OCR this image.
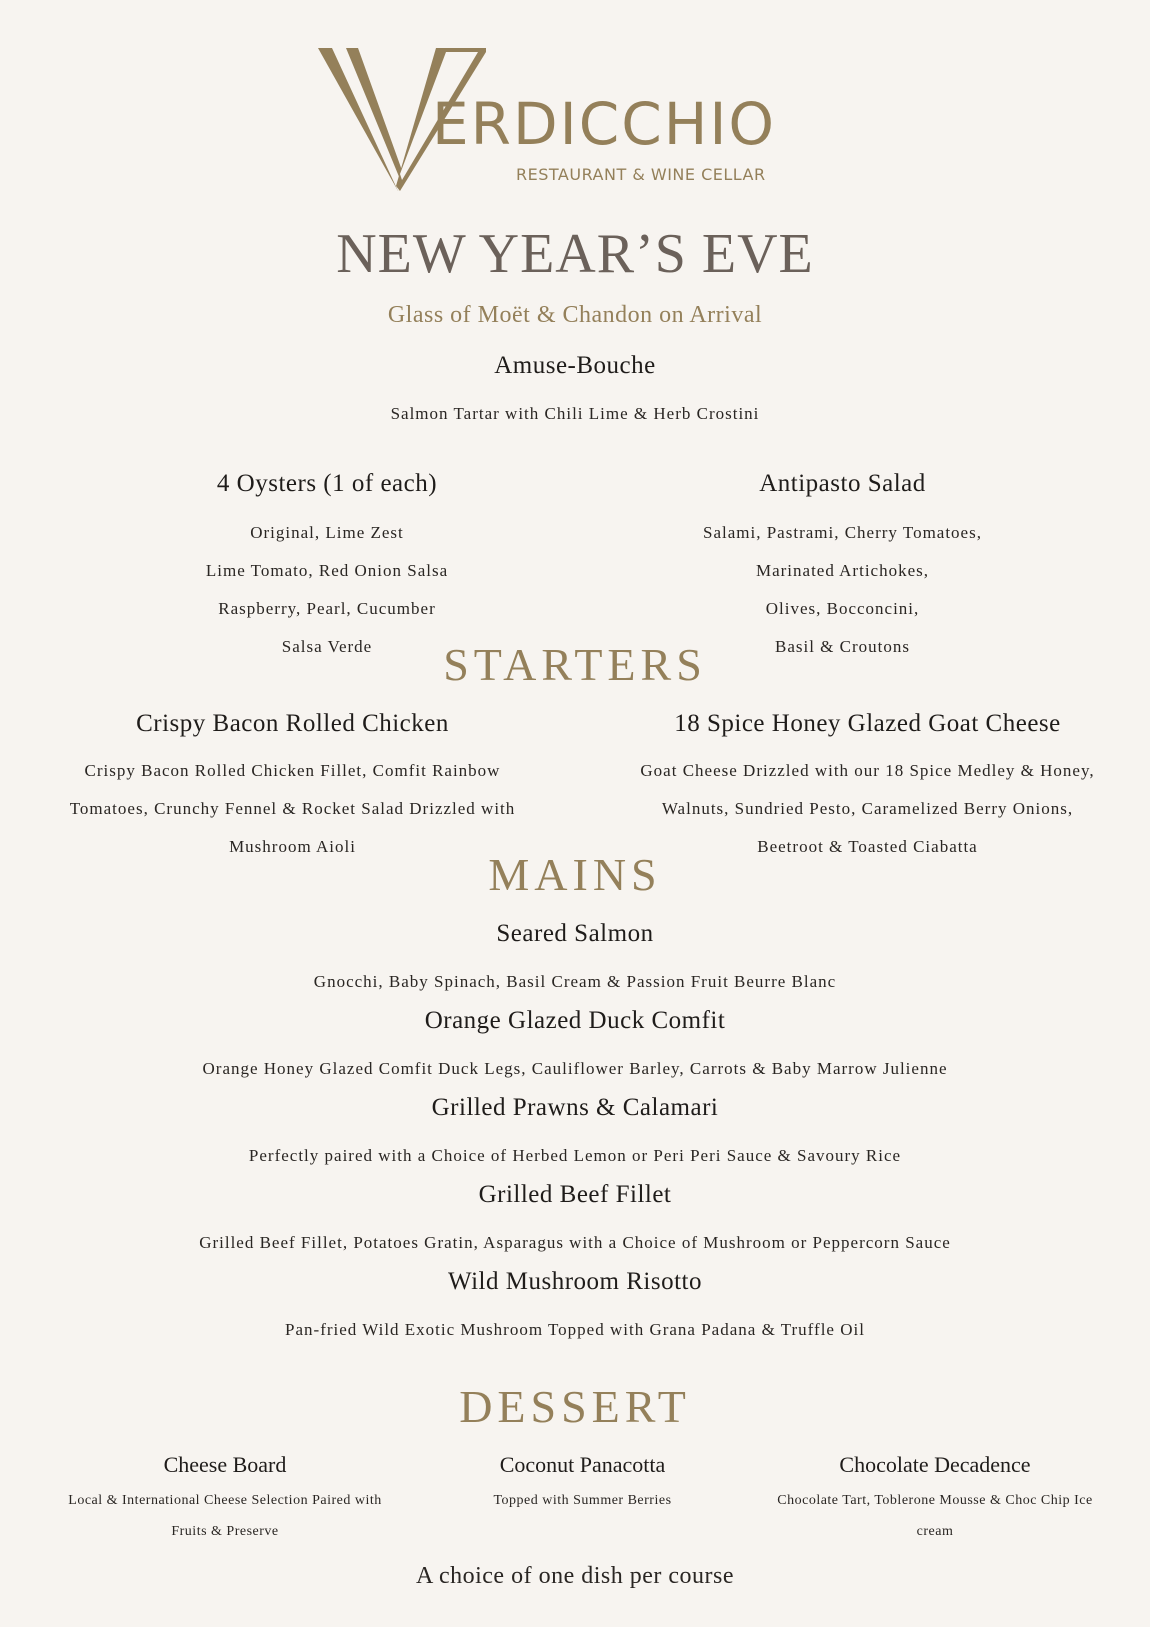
ERDICCHIO
RESTAURANT & WINE CELLAR
NEW YEAR’S EVE
Glass of Moët & Chandon on Arrival
Amuse-Bouche
Salmon Tartar with Chili Lime & Herb Crostini
4 Oysters (1 of each)
Original, Lime Zest
Lime Tomato, Red Onion Salsa
Raspberry, Pearl, Cucumber
Salsa Verde
Antipasto Salad
Salami, Pastrami, Cherry Tomatoes,
Marinated Artichokes,
Olives, Bocconcini,
Basil & Croutons
STARTERS
Crispy Bacon Rolled Chicken
Crispy Bacon Rolled Chicken Fillet, Comfit Rainbow
Tomatoes, Crunchy Fennel & Rocket Salad Drizzled with
Mushroom Aioli
18 Spice Honey Glazed Goat Cheese
Goat Cheese Drizzled with our 18 Spice Medley & Honey,
Walnuts, Sundried Pesto, Caramelized Berry Onions,
Beetroot & Toasted Ciabatta
MAINS
Seared Salmon
Gnocchi, Baby Spinach, Basil Cream & Passion Fruit Beurre Blanc
Orange Glazed Duck Comfit
Orange Honey Glazed Comfit Duck Legs, Cauliflower Barley, Carrots & Baby Marrow Julienne
Grilled Prawns & Calamari
Perfectly paired with a Choice of Herbed Lemon or Peri Peri Sauce & Savoury Rice
Grilled Beef Fillet
Grilled Beef Fillet, Potatoes Gratin, Asparagus with a Choice of Mushroom or Peppercorn Sauce
Wild Mushroom Risotto
Pan-fried Wild Exotic Mushroom Topped with Grana Padana & Truffle Oil
DESSERT
Cheese Board
Local & International Cheese Selection Paired with
Fruits & Preserve
Coconut Panacotta
Topped with Summer Berries
Chocolate Decadence
Chocolate Tart, Toblerone Mousse & Choc Chip Ice
cream
A choice of one dish per course
